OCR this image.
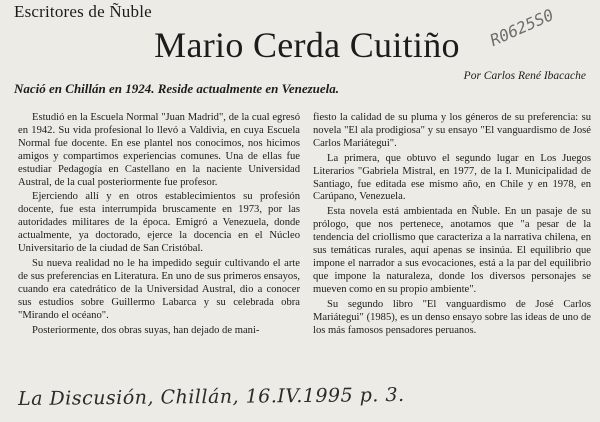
Escritores de Ñuble
Mario Cerda Cuitiño	R0625S0
Por Carlos René Ibacache
Nació en Chillán en 1924. Reside actualmente en Venezuela.

Estudió en la Escuela Normal "Juan Madrid", de la cual egresó en 1942. Su vida profesional lo llevó a Valdivia, en cuya Escuela Normal fue docente. En ese plantel nos conocimos, nos hicimos amigos y compartimos experiencias comunes. Una de ellas fue estudiar Pedagogía en Castellano en la naciente Universidad Austral, de la cual posteriormente fue profesor.

Ejerciendo allí y en otros establecimientos su profesión docente, fue esta interrumpida bruscamente en 1973, por las autoridades militares de la época. Emigró a Venezuela, donde actualmente, ya doctorado, ejerce la docencia en el Núcleo Universitario de la ciudad de San Cristóbal.

Su nueva realidad no le ha impedido seguir cultivando el arte de sus preferencias en Literatura. En uno de sus primeros ensayos, cuando era catedrático de la Universidad Austral, dio a conocer sus estudios sobre Guillermo Labarca y su celebrada obra "Mirando el océano".

Posteriormente, dos obras suyas, han dejado de mani-

fiesto la calidad de su pluma y los géneros de su preferencia: su novela "El ala prodigiosa" y su ensayo "El vanguardismo de José Carlos Mariátegui".

La primera, que obtuvo el segundo lugar en Los Juegos Literarios "Gabriela Mistral, en 1977, de la I. Municipalidad de Santiago, fue editada ese mismo año, en Chile y en 1978, en Carúpano, Venezuela.

Esta novela está ambientada en Ñuble. En un pasaje de su prólogo, que nos pertenece, anotamos que "a pesar de la tendencia del criollismo que caracteriza a la narrativa chilena, en sus temáticas rurales, aquí apenas se insinúa. El equilibrio que impone el narrador a sus evocaciones, está a la par del equilibrio que impone la naturaleza, donde los diversos personajes se mueven como en su propio ambiente".

Su segundo libro "El vanguardismo de José Carlos Mariátegui" (1985), es un denso ensayo sobre las ideas de uno de los más famosos pensadores peruanos.

La Discusión, Chillán, 16.IV.1995 p. 3.
